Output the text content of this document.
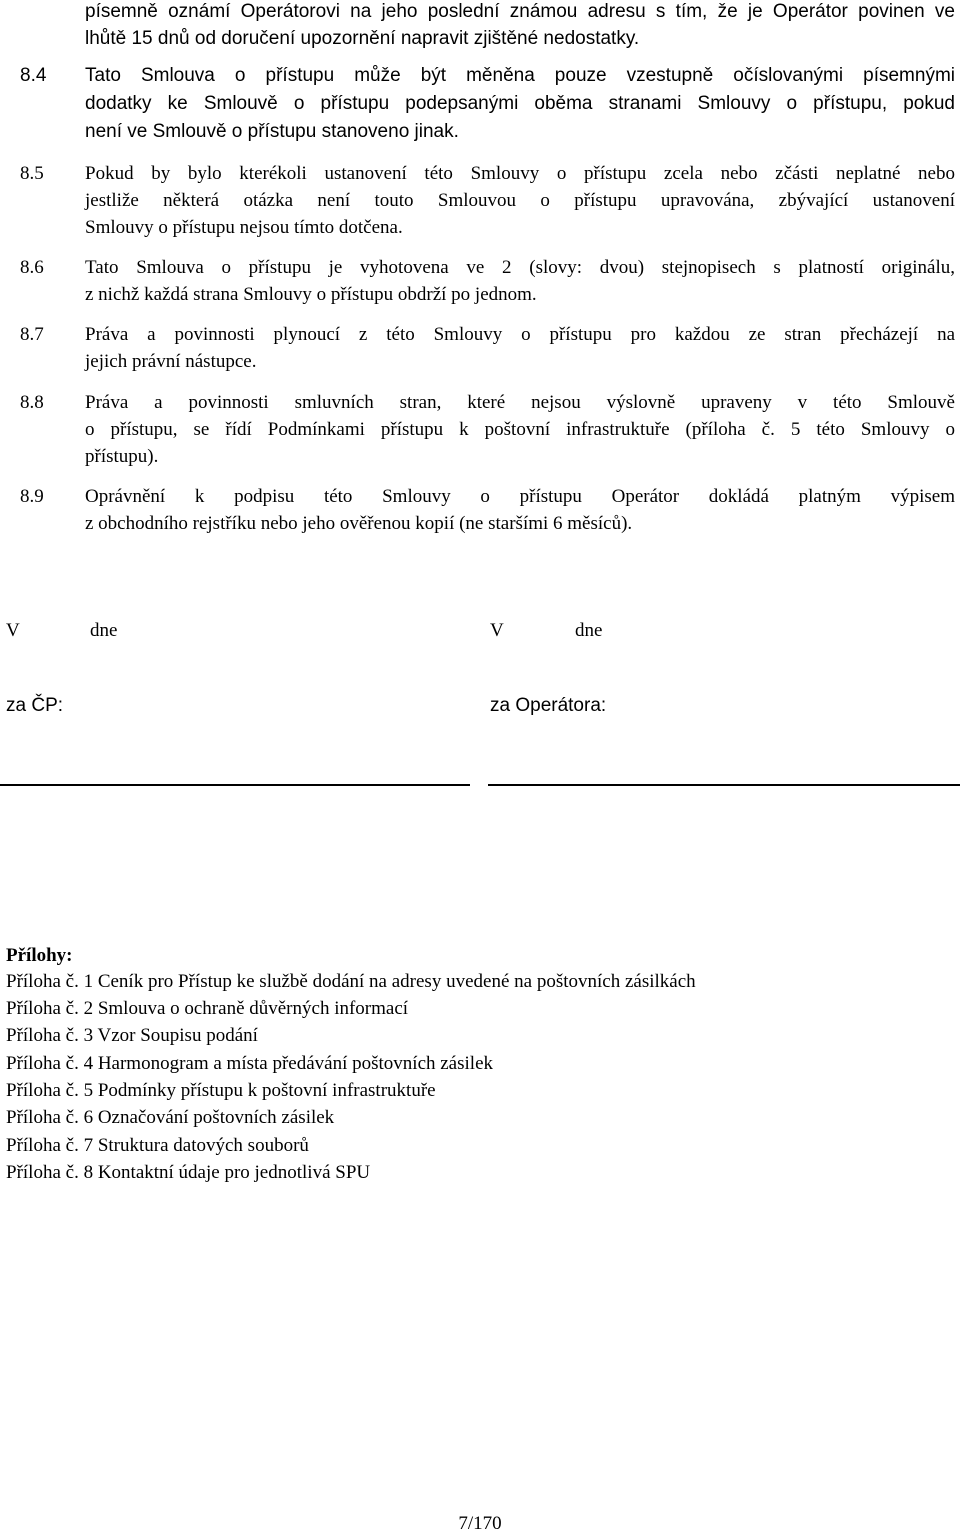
písemně oznámí Operátorovi na jeho poslední známou adresu s tím, že je Operátor povinen ve
lhůtě 15 dnů od doručení upozornění napravit zjištěné nedostatky.
8.4 Tato Smlouva o přístupu může být měněna pouze vzestupně očíslovanými písemnými
dodatky ke Smlouvě o přístupu podepsanými oběma stranami Smlouvy o přístupu, pokud
není ve Smlouvě o přístupu stanoveno jinak.
8.5 Pokud by bylo kterékoli ustanovení této Smlouvy o přístupu zcela nebo zčásti neplatné nebo
jestliže některá otázka není touto Smlouvou o přístupu upravována, zbývající ustanovení
Smlouvy o přístupu nejsou tímto dotčena.
8.6 Tato Smlouva o přístupu je vyhotovena ve 2 (slovy: dvou) stejnopisech s platností originálu,
z nichž každá strana Smlouvy o přístupu obdrží po jednom.
8.7 Práva a povinnosti plynoucí z této Smlouvy o přístupu pro každou ze stran přecházejí na
jejich právní nástupce.
8.8 Práva a povinnosti smluvních stran, které nejsou výslovně upraveny v této Smlouvě
o přístupu, se řídí Podmínkami přístupu k poštovní infrastruktuře (příloha č. 5 této Smlouvy o
přístupu).
8.9 Oprávnění k podpisu této Smlouvy o přístupu Operátor dokládá platným výpisem
z obchodního rejstříku nebo jeho ověřenou kopií (ne staršími 6 měsíců).
V	dne	V	dne
za ČP:	za Operátora:
Přílohy:
Příloha č. 1 Ceník pro Přístup ke službě dodání na adresy uvedené na poštovních zásilkách
Příloha č. 2 Smlouva o ochraně důvěrných informací
Příloha č. 3 Vzor Soupisu podání
Příloha č. 4 Harmonogram a místa předávání poštovních zásilek
Příloha č. 5 Podmínky přístupu k poštovní infrastruktuře
Příloha č. 6 Označování poštovních zásilek
Příloha č. 7 Struktura datových souborů
Příloha č. 8 Kontaktní údaje pro jednotlivá SPU
7/170
